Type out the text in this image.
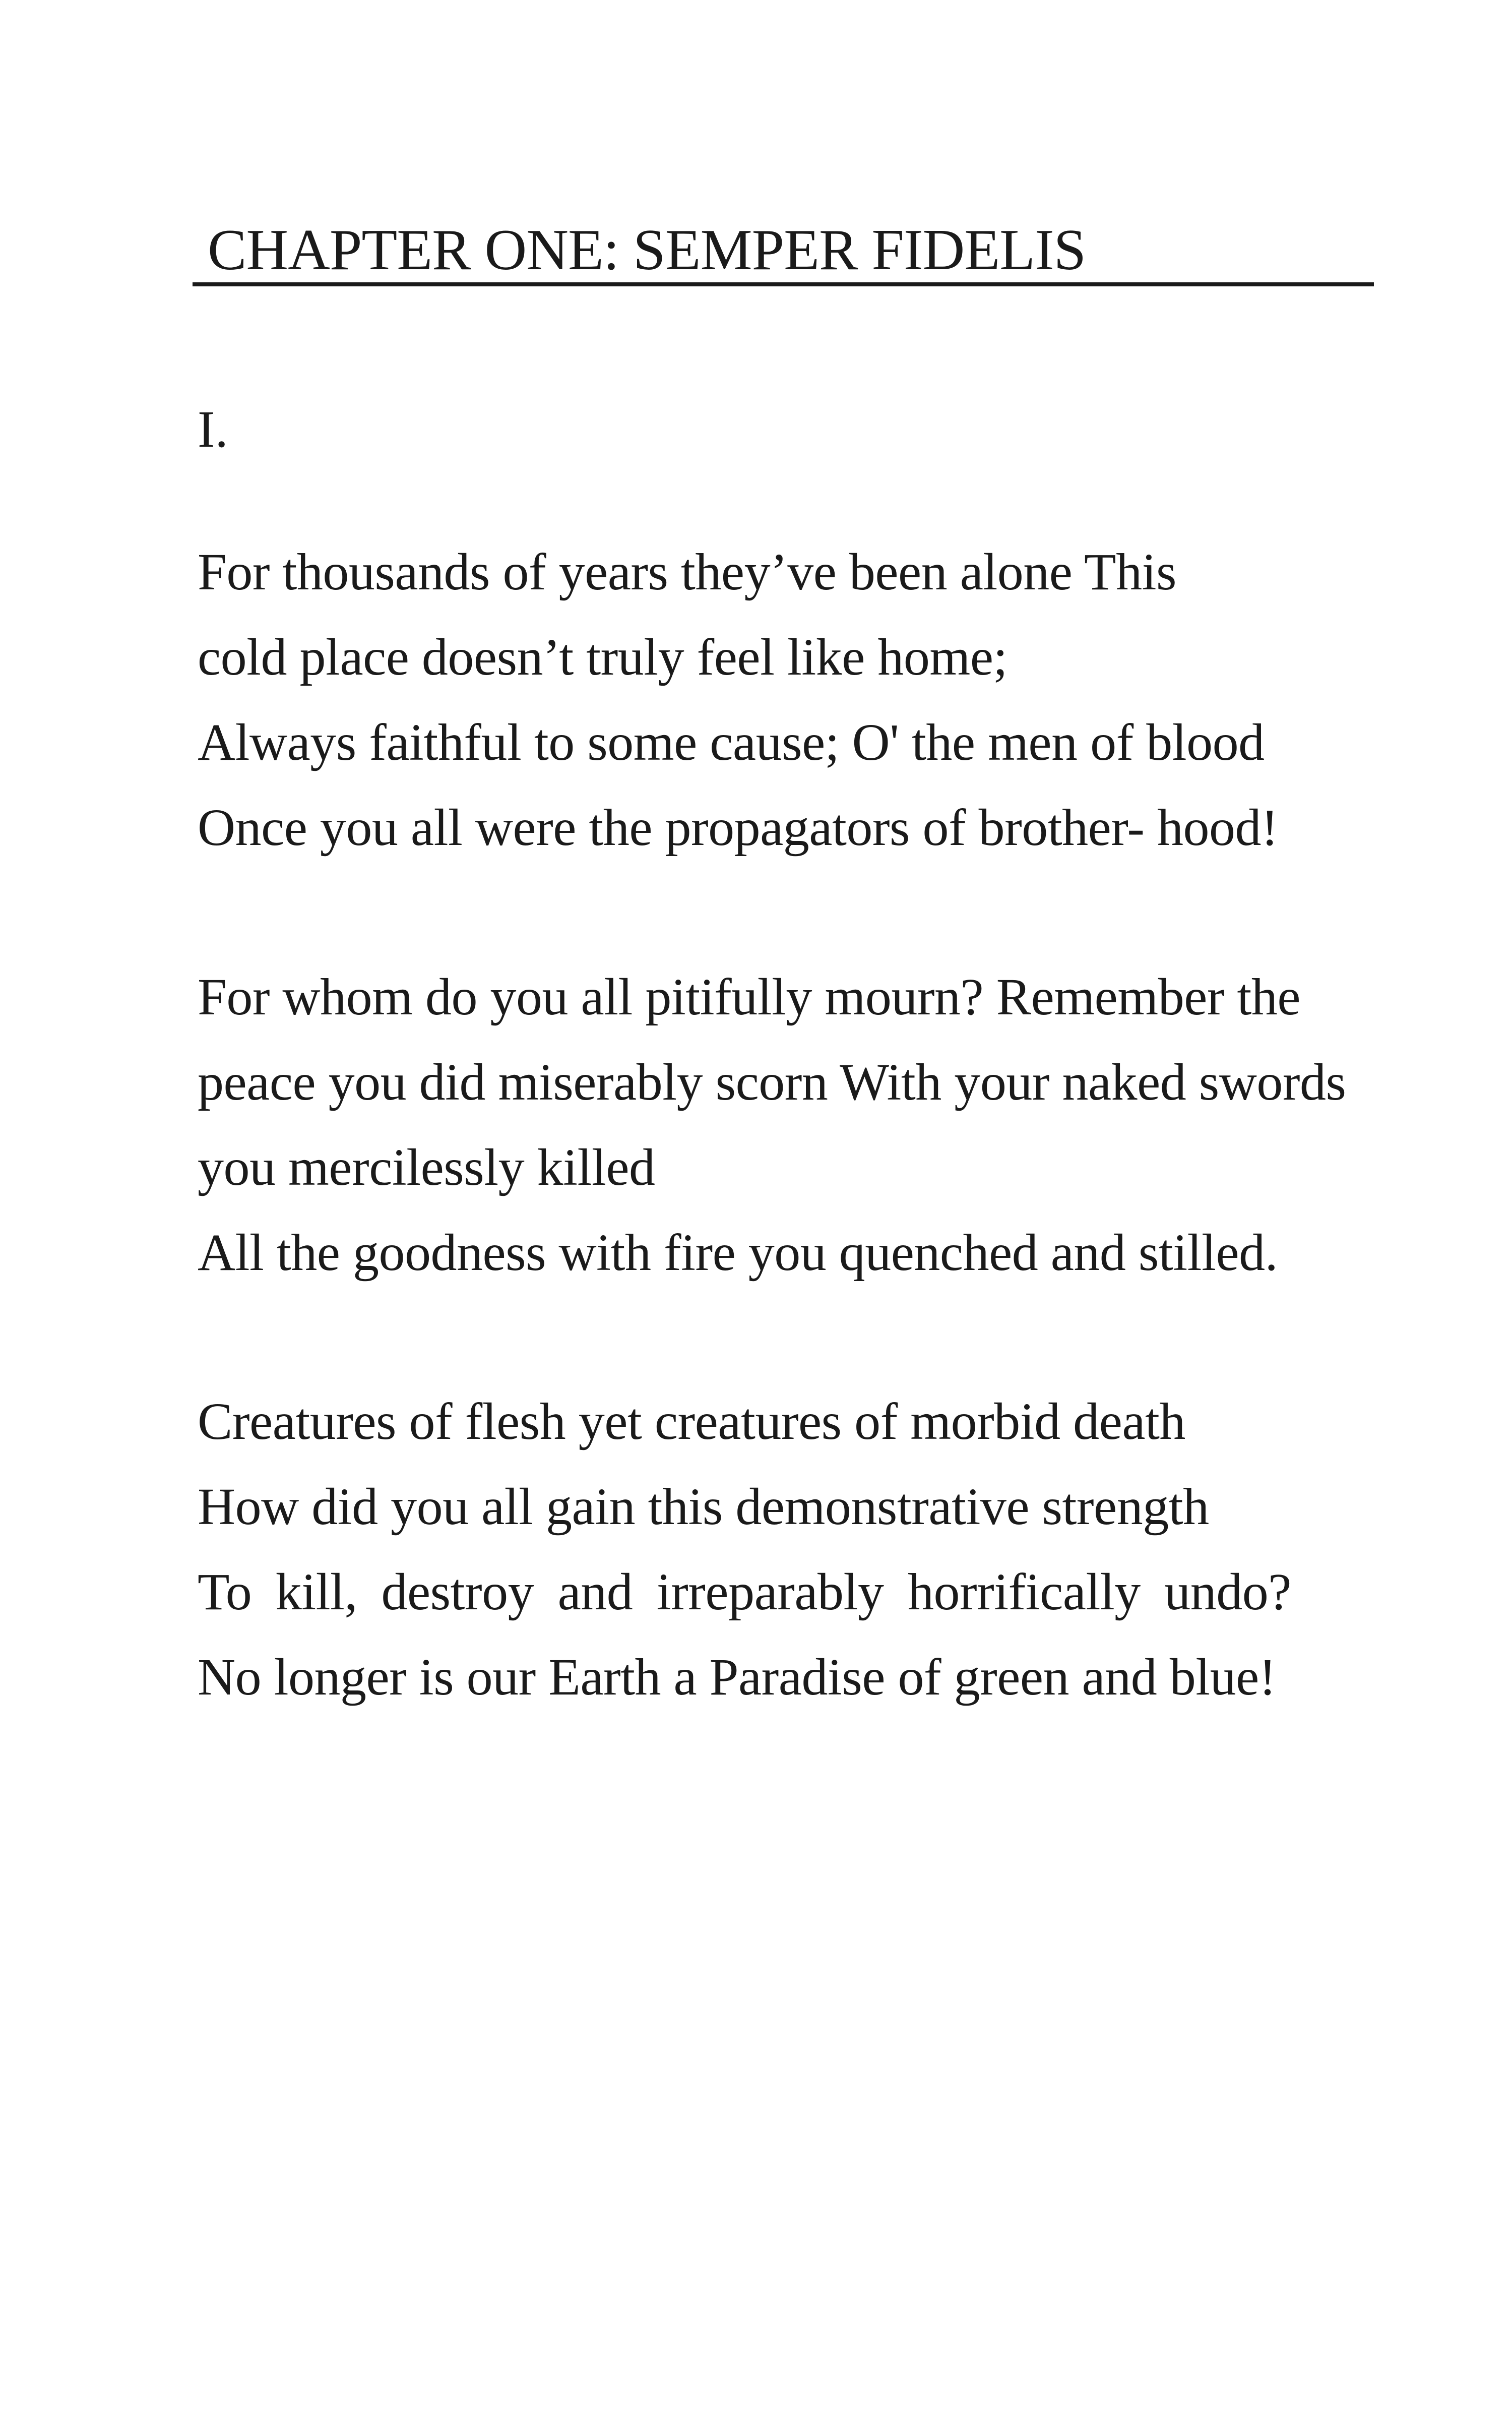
CHAPTER ONE: SEMPER FIDELIS
I.
For thousands of years they’ve been alone This
cold place doesn’t truly feel like home;
Always faithful to some cause; O' the men of blood
Once you all were the propagators of brother- hood!
For whom do you all pitifully mourn? Remember the
peace you did miserably scorn With your naked swords
you mercilessly killed
All the goodness with fire you quenched and stilled.
Creatures of flesh yet creatures of morbid death
How did you all gain this demonstrative strength
To kill, destroy and irreparably horrifically undo?
No longer is our Earth a Paradise of green and blue!
